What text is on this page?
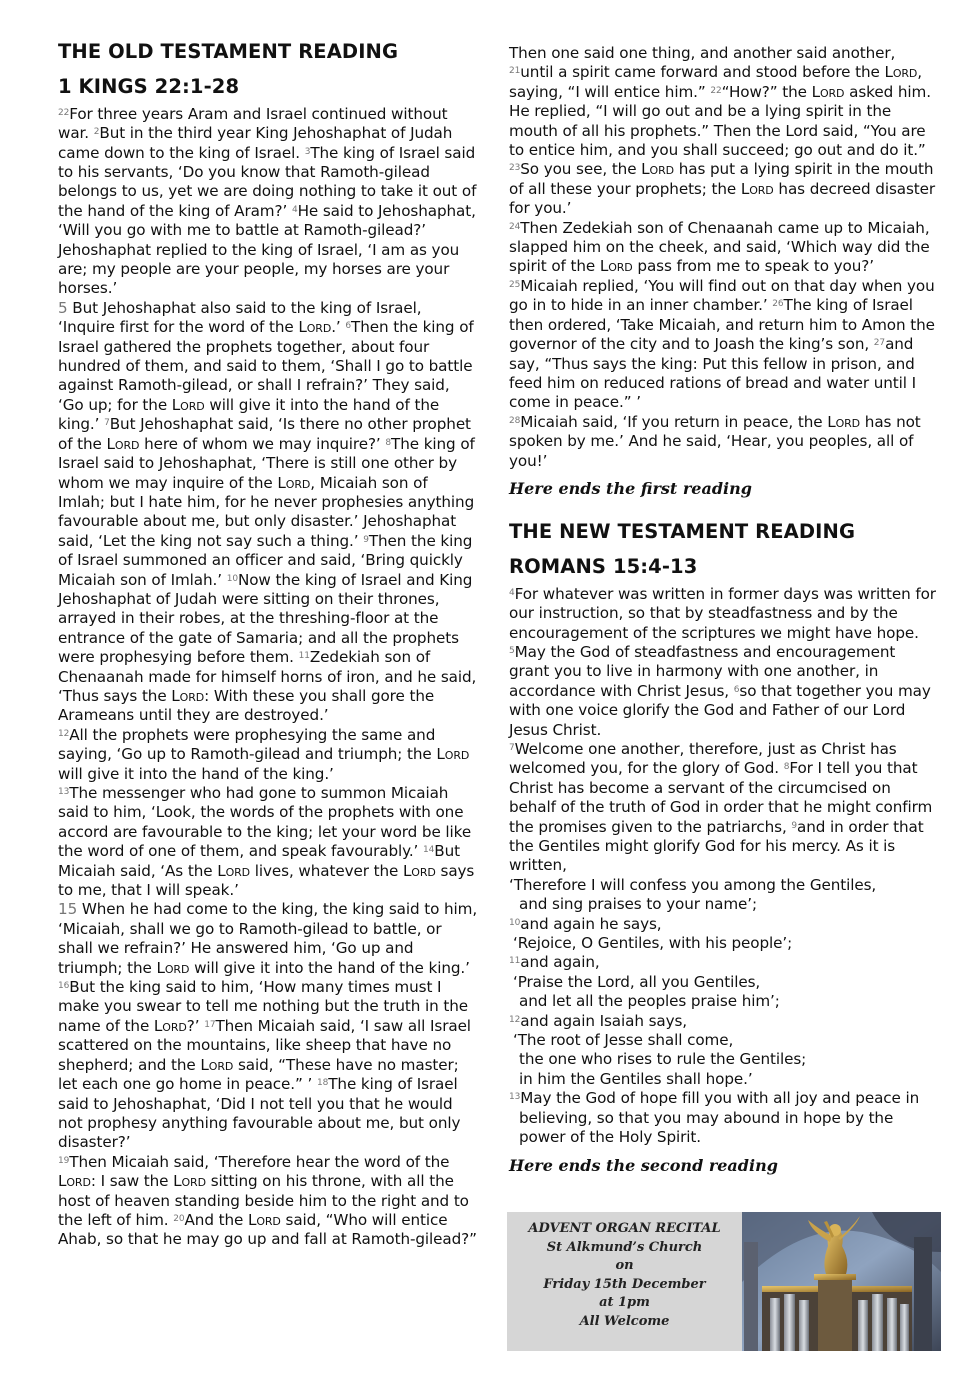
THE OLD TESTAMENT READING
1 KINGS 22:1-28

$^{22}$For three years Aram and Israel continued without war. $^2$But in the third year King Jehoshaphat of Judah came down to the king of Israel. $^3$The king of Israel said to his servants, ‘Do you know that Ramoth-gilead belongs to us, yet we are doing nothing to take it out of the hand of the king of Aram?’ $^4$He said to Jehoshaphat, ‘Will you go with me to battle at Ramoth-gilead?’ Jehoshaphat replied to the king of Israel, ‘I am as you are; my people are your people, my horses are your horses.’
5 But Jehoshaphat also said to the king of Israel, ‘Inquire first for the word of the Lord.’ $^6$Then the king of Israel gathered the prophets together, about four hundred of them, and said to them, ‘Shall I go to battle against Ramoth-gilead, or shall I refrain?’ They said, ‘Go up; for the Lord will give it into the hand of the king.’ $^7$But Jehoshaphat said, ‘Is there no other prophet of the Lord here of whom we may inquire?’ $^8$The king of Israel said to Jehoshaphat, ‘There is still one other by whom we may inquire of the Lord, Micaiah son of Imlah; but I hate him, for he never prophesies anything favourable about me, but only disaster.’ Jehoshaphat said, ‘Let the king not say such a thing.’ $^9$Then the king of Israel summoned an officer and said, ‘Bring quickly Micaiah son of Imlah.’ $^{10}$Now the king of Israel and King Jehoshaphat of Judah were sitting on their thrones, arrayed in their robes, at the threshing-floor at the entrance of the gate of Samaria; and all the prophets were prophesying before them. $^{11}$Zedekiah son of Chenaanah made for himself horns of iron, and he said, ‘Thus says the Lord: With these you shall gore the Arameans until they are destroyed.’
$^{12}$All the prophets were prophesying the same and saying, ‘Go up to Ramoth-gilead and triumph; the Lord will give it into the hand of the king.’
$^{13}$The messenger who had gone to summon Micaiah said to him, ‘Look, the words of the prophets with one accord are favourable to the king; let your word be like the word of one of them, and speak favourably.’ $^{14}$But Micaiah said, ‘As the Lord lives, whatever the Lord says to me, that I will speak.’
15 When he had come to the king, the king said to him, ‘Micaiah, shall we go to Ramoth-gilead to battle, or shall we refrain?’ He answered him, ‘Go up and triumph; the Lord will give it into the hand of the king.’ $^{16}$But the king said to him, ‘How many times must I make you swear to tell me nothing but the truth in the name of the Lord?’ $^{17}$Then Micaiah said, ‘I saw all Israel scattered on the mountains, like sheep that have no shepherd; and the Lord said, “These have no master; let each one go home in peace.” ’ $^{18}$The king of Israel said to Jehoshaphat, ‘Did I not tell you that he would not prophesy anything favourable about me, but only disaster?’
$^{19}$Then Micaiah said, ‘Therefore hear the word of the Lord: I saw the Lord sitting on his throne, with all the host of heaven standing beside him to the right and to the left of him. $^{20}$And the Lord said, “Who will entice Ahab, so that he may go up and fall at Ramoth-gilead?”

Then one said one thing, and another said another, $^{21}$until a spirit came forward and stood before the Lord, saying, “I will entice him.” $^{22}$“How?” the Lord asked him. He replied, “I will go out and be a lying spirit in the mouth of all his prophets.” Then the Lord said, “You are to entice him, and you shall succeed; go out and do it.” $^{23}$So you see, the Lord has put a lying spirit in the mouth of all these your prophets; the Lord has decreed disaster for you.’
$^{24}$Then Zedekiah son of Chenaanah came up to Micaiah, slapped him on the cheek, and said, ‘Which way did the spirit of the Lord pass from me to speak to you?’ $^{25}$Micaiah replied, ‘You will find out on that day when you go in to hide in an inner chamber.’ $^{26}$The king of Israel then ordered, ‘Take Micaiah, and return him to Amon the governor of the city and to Joash the king’s son, $^{27}$and say, “Thus says the king: Put this fellow in prison, and feed him on reduced rations of bread and water until I come in peace.” ’
$^{28}$Micaiah said, ‘If you return in peace, the Lord has not spoken by me.’ And he said, ‘Hear, you peoples, all of you!’

Here ends the first reading

THE NEW TESTAMENT READING
ROMANS 15:4-13

$^4$For whatever was written in former days was written for our instruction, so that by steadfastness and by the encouragement of the scriptures we might have hope. $^5$May the God of steadfastness and encouragement grant you to live in harmony with one another, in accordance with Christ Jesus, $^6$so that together you may with one voice glorify the God and Father of our Lord Jesus Christ.
$^7$Welcome one another, therefore, just as Christ has welcomed you, for the glory of God. $^8$For I tell you that Christ has become a servant of the circumcised on behalf of the truth of God in order that he might confirm the promises given to the patriarchs, $^9$and in order that the Gentiles might glorify God for his mercy. As it is written,

‘Therefore I will confess you among the Gentiles,
and sing praises to your name’;
$^{10}$and again he says,

‘Rejoice, O Gentiles, with his people’;
$^{11}$and again,

‘Praise the Lord, all you Gentiles,
and let all the peoples praise him’;
$^{12}$and again Isaiah says,

‘The root of Jesse shall come,
the one who rises to rule the Gentiles;
in him the Gentiles shall hope.’
$^{13}$May the God of hope fill you with all joy and peace in believing, so that you may abound in hope by the power of the Holy Spirit.

Here ends the second reading

ADVENT ORGAN RECITAL
St Alkmund’s Church
on
Friday 15th December
at 1pm
All Welcome
